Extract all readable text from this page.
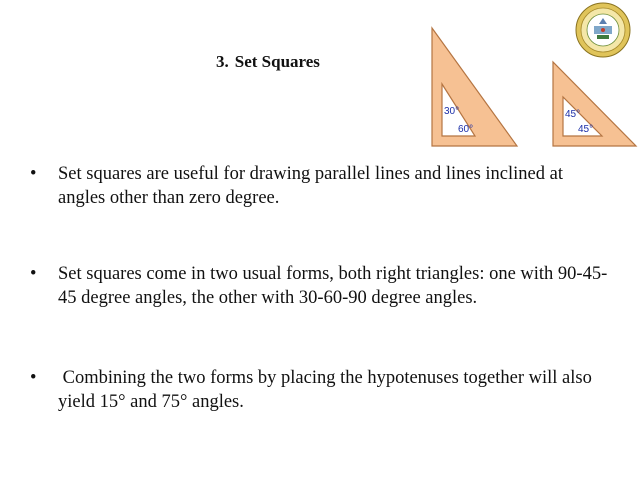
3. Set Squares
30°
60°
45°
45°
• Set squares are useful for drawing parallel lines and lines inclined at angles other than zero degree.
• Set squares come in two usual forms, both right triangles: one with 90-45-45 degree angles, the other with 30-60-90 degree angles.
• Combining the two forms by placing the hypotenuses together will also yield 15° and 75° angles.
